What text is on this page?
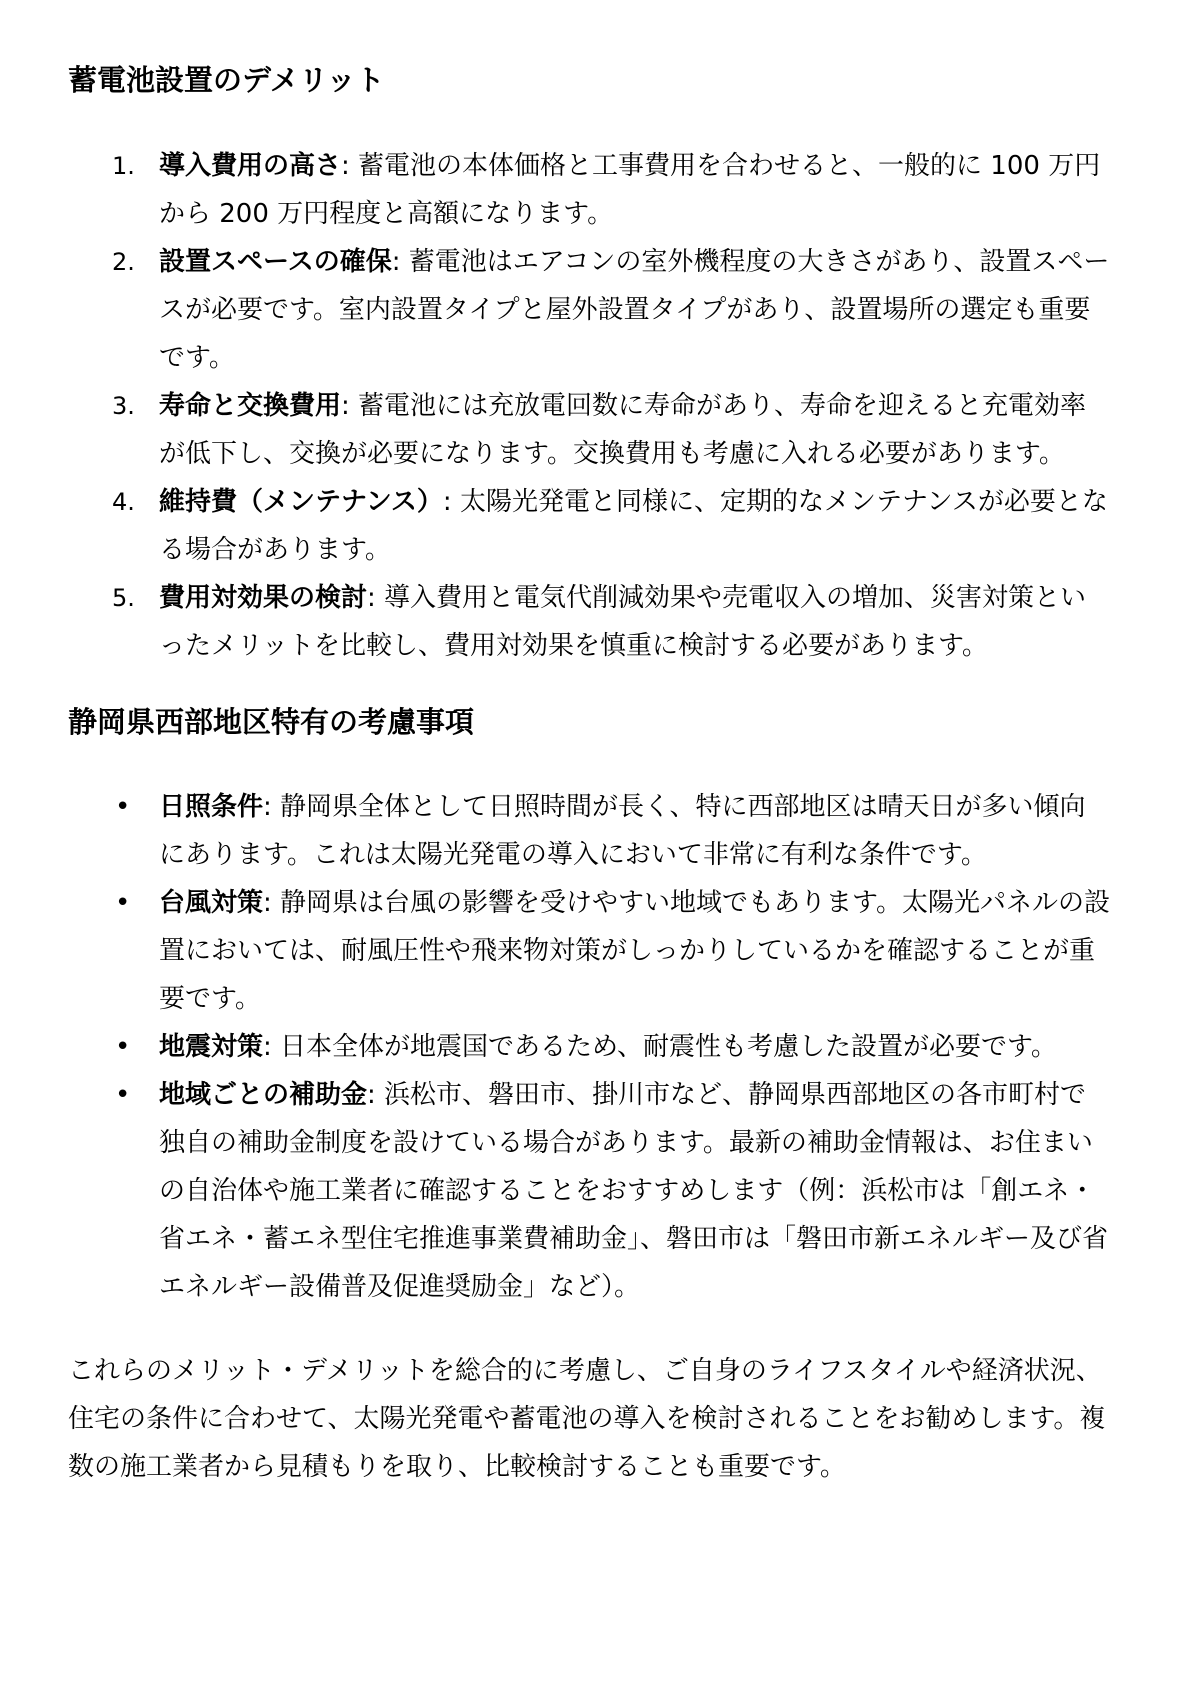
蓄電池設置のデメリット
1. 導入費用の高さ: 蓄電池の本体価格と工事費用を合わせると、一般的に 100 万円から 200 万円程度と高額になります。
2. 設置スペースの確保: 蓄電池はエアコンの室外機程度の大きさがあり、設置スペースが必要です。室内設置タイプと屋外設置タイプがあり、設置場所の選定も重要です。
3. 寿命と交換費用: 蓄電池には充放電回数に寿命があり、寿命を迎えると充電効率が低下し、交換が必要になります。交換費用も考慮に入れる必要があります。
4. 維持費（メンテナンス）: 太陽光発電と同様に、定期的なメンテナンスが必要となる場合があります。
5. 費用対効果の検討: 導入費用と電気代削減効果や売電収入の増加、災害対策といったメリットを比較し、費用対効果を慎重に検討する必要があります。
静岡県西部地区特有の考慮事項
• 日照条件: 静岡県全体として日照時間が長く、特に西部地区は晴天日が多い傾向にあります。これは太陽光発電の導入において非常に有利な条件です。
• 台風対策: 静岡県は台風の影響を受けやすい地域でもあります。太陽光パネルの設置においては、耐風圧性や飛来物対策がしっかりしているかを確認することが重要です。
• 地震対策: 日本全体が地震国であるため、耐震性も考慮した設置が必要です。
• 地域ごとの補助金: 浜松市、磐田市、掛川市など、静岡県西部地区の各市町村で独自の補助金制度を設けている場合があります。最新の補助金情報は、お住まいの自治体や施工業者に確認することをおすすめします（例：浜松市は「創エネ・省エネ・蓄エネ型住宅推進事業費補助金」、磐田市は「磐田市新エネルギー及び省エネルギー設備普及促進奨励金」など）。

これらのメリット・デメリットを総合的に考慮し、ご自身のライフスタイルや経済状況、住宅の条件に合わせて、太陽光発電や蓄電池の導入を検討されることをお勧めします。複数の施工業者から見積もりを取り、比較検討することも重要です。
